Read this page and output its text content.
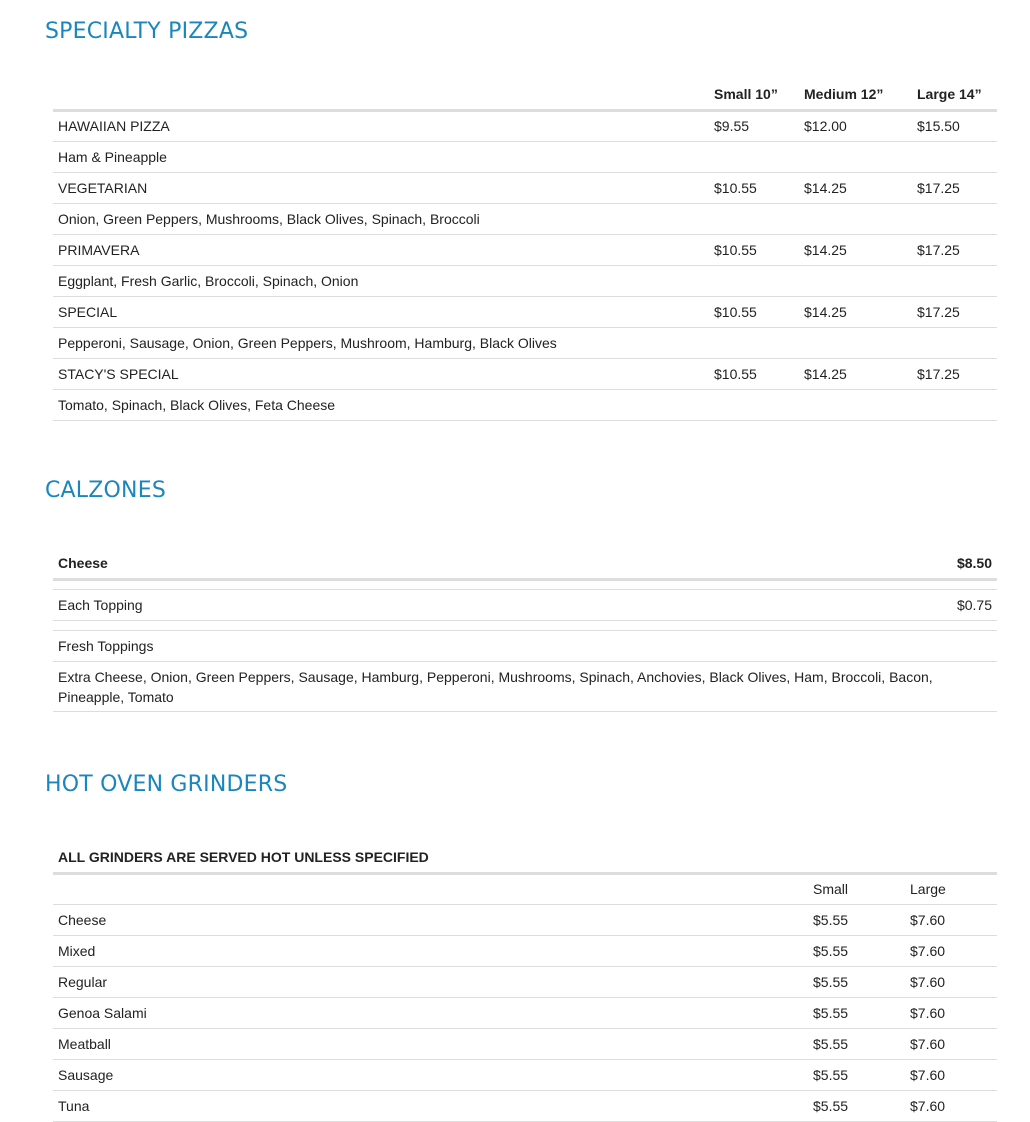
SPECIALTY PIZZAS
	Small 10”	Medium 12”	Large 14”
HAWAIIAN PIZZA	$9.55	$12.00	$15.50
Ham & Pineapple			
VEGETARIAN	$10.55	$14.25	$17.25
Onion, Green Peppers, Mushrooms, Black Olives, Spinach, Broccoli			
PRIMAVERA	$10.55	$14.25	$17.25
Eggplant, Fresh Garlic, Broccoli, Spinach, Onion			
SPECIAL	$10.55	$14.25	$17.25
Pepperoni, Sausage, Onion, Green Peppers, Mushroom, Hamburg, Black Olives			
STACY'S SPECIAL	$10.55	$14.25	$17.25
Tomato, Spinach, Black Olives, Feta Cheese			
CALZONES
Cheese	$8.50

Each Topping	$0.75

Fresh Toppings	
Extra Cheese, Onion, Green Peppers, Sausage, Hamburg, Pepperoni, Mushrooms, Spinach, Anchovies, Black Olives, Ham, Broccoli, Bacon, Pineapple, Tomato	
HOT OVEN GRINDERS
ALL GRINDERS ARE SERVED HOT UNLESS SPECIFIED		
	Small	Large
Cheese	$5.55	$7.60
Mixed	$5.55	$7.60
Regular	$5.55	$7.60
Genoa Salami	$5.55	$7.60
Meatball	$5.55	$7.60
Sausage	$5.55	$7.60
Tuna	$5.55	$7.60
